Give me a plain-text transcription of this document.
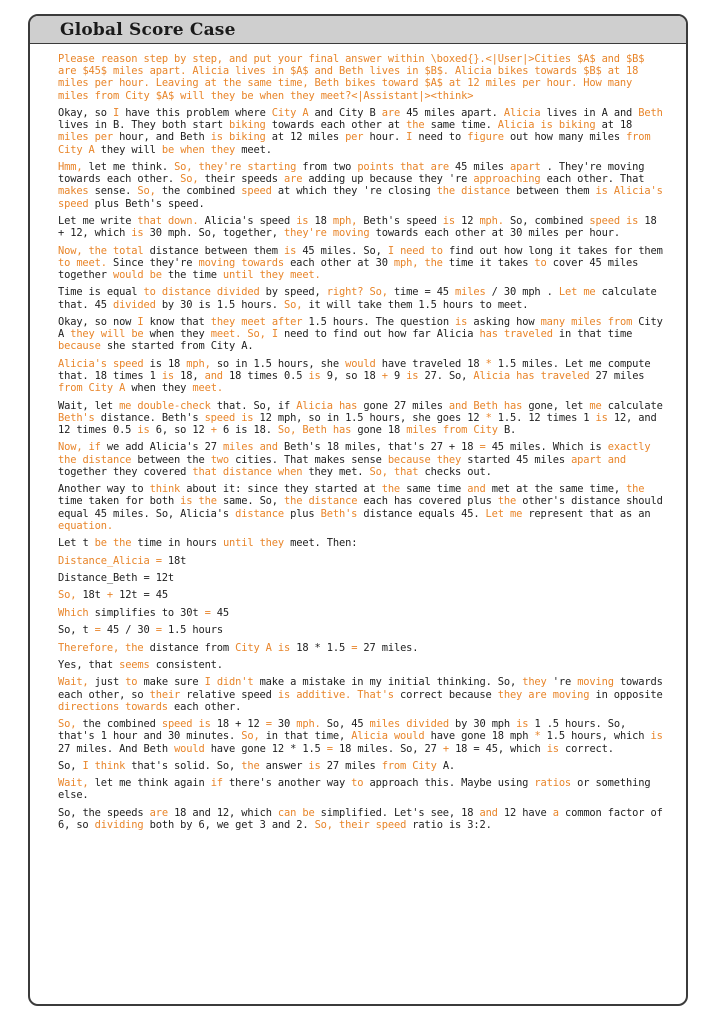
Global Score Case

Please reason step by step, and put your final answer within \boxed{}.<|User|>Cities $A$ and $B$ are $45$ miles apart. Alicia lives in $A$ and Beth lives in $B$. Alicia bikes towards $B$ at 18 miles per hour. Leaving at the same time, Beth bikes toward $A$ at 12 miles per hour. How many miles from City $A$ will they be when they meet?<|Assistant|><think>

Okay, so I have this problem where City A and City B are 45 miles apart. Alicia lives in A and Beth lives in B. They both start biking towards each other at the same time. Alicia is biking at 18 miles per hour, and Beth is biking at 12 miles per hour. I need to figure out how many miles from City A they will be when they meet.

Hmm, let me think. So, they're starting from two points that are 45 miles apart . They're moving towards each other. So, their speeds are adding up because they 're approaching each other. That makes sense. So, the combined speed at which they 're closing the distance between them is Alicia's speed plus Beth's speed.

Let me write that down. Alicia's speed is 18 mph, Beth's speed is 12 mph. So, combined speed is 18 + 12, which is 30 mph. So, together, they're moving towards each other at 30 miles per hour.

Now, the total distance between them is 45 miles. So, I need to find out how long it takes for them to meet. Since they're moving towards each other at 30 mph, the time it takes to cover 45 miles together would be the time until they meet.

Time is equal to distance divided by speed, right? So, time = 45 miles / 30 mph . Let me calculate that. 45 divided by 30 is 1.5 hours. So, it will take them 1.5 hours to meet.

Okay, so now I know that they meet after 1.5 hours. The question is asking how many miles from City A they will be when they meet. So, I need to find out how far Alicia has traveled in that time because she started from City A.

Alicia's speed is 18 mph, so in 1.5 hours, she would have traveled 18 * 1.5 miles. Let me compute that. 18 times 1 is 18, and 18 times 0.5 is 9, so 18 + 9 is 27. So, Alicia has traveled 27 miles from City A when they meet.

Wait, let me double-check that. So, if Alicia has gone 27 miles and Beth has gone, let me calculate Beth's distance. Beth's speed is 12 mph, so in 1.5 hours, she goes 12 * 1.5. 12 times 1 is 12, and 12 times 0.5 is 6, so 12 + 6 is 18. So, Beth has gone 18 miles from City B.

Now, if we add Alicia's 27 miles and Beth's 18 miles, that's 27 + 18 = 45 miles. Which is exactly the distance between the two cities. That makes sense because they started 45 miles apart and together they covered that distance when they met. So, that checks out.

Another way to think about it: since they started at the same time and met at the same time, the time taken for both is the same. So, the distance each has covered plus the other's distance should equal 45 miles. So, Alicia's distance plus Beth's distance equals 45. Let me represent that as an equation.

Let t be the time in hours until they meet. Then:

Distance_Alicia = 18t

Distance_Beth = 12t

So, 18t + 12t = 45

Which simplifies to 30t = 45

So, t = 45 / 30 = 1.5 hours

Therefore, the distance from City A is 18 * 1.5 = 27 miles.

Yes, that seems consistent.

Wait, just to make sure I didn't make a mistake in my initial thinking. So, they 're moving towards each other, so their relative speed is additive. That's correct because they are moving in opposite directions towards each other.

So, the combined speed is 18 + 12 = 30 mph. So, 45 miles divided by 30 mph is 1 .5 hours. So, that's 1 hour and 30 minutes. So, in that time, Alicia would have gone 18 mph * 1.5 hours, which is 27 miles. And Beth would have gone 12 * 1.5 = 18 miles. So, 27 + 18 = 45, which is correct.

So, I think that's solid. So, the answer is 27 miles from City A.

Wait, let me think again if there's another way to approach this. Maybe using ratios or something else.

So, the speeds are 18 and 12, which can be simplified. Let's see, 18 and 12 have a common factor of 6, so dividing both by 6, we get 3 and 2. So, their speed ratio is 3:2.
